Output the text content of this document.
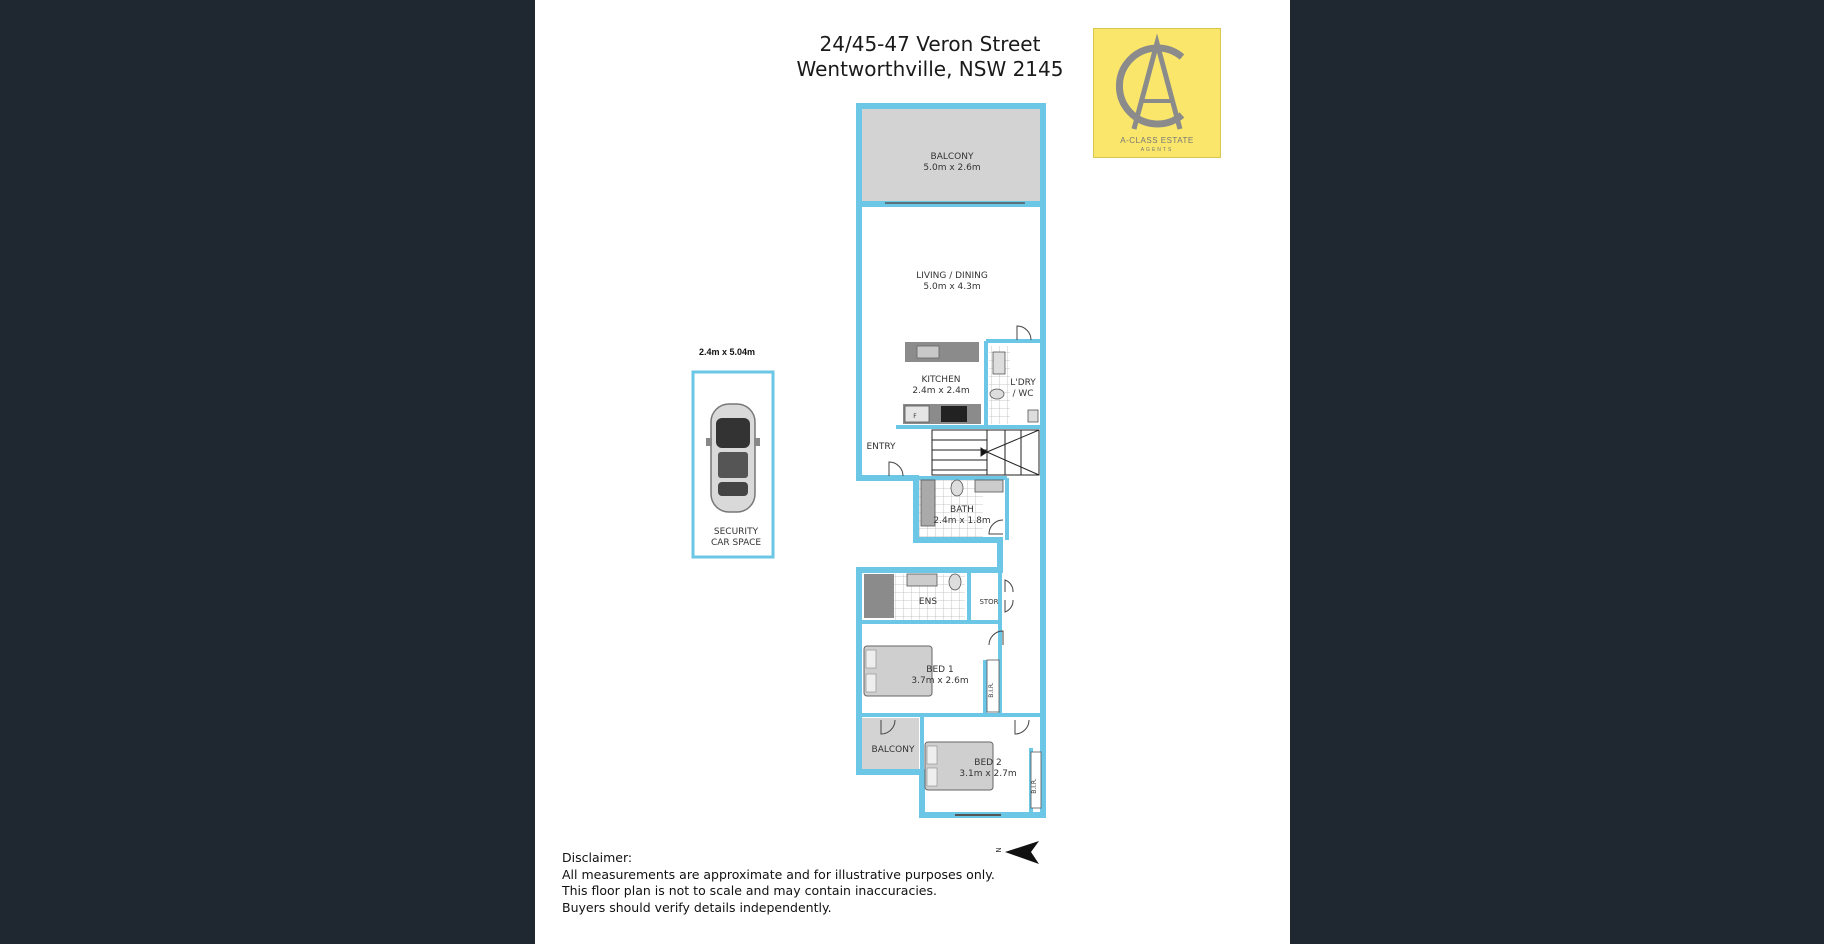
24/45-47 Veron Street
Wentworthville, NSW 2145
A-CLASS ESTATE
AGENTS
BALCONY
5.0m x 2.6m
LIVING / DINING
5.0m x 4.3m
KITCHEN
2.4m x 2.4m
F
L'DRY
/ WC
ENTRY
BATH
2.4m x 1.8m
ENS	STOR
BED 1
3.7m x 2.6m
B.I.R.
BALCONY
BED 2
3.1m x 2.7m
B.I.R.
2.4m x 5.04m
SECURITY
CAR SPACE
N
Disclaimer:
All measurements are approximate and for illustrative purposes only.
This floor plan is not to scale and may contain inaccuracies.
Buyers should verify details independently.
